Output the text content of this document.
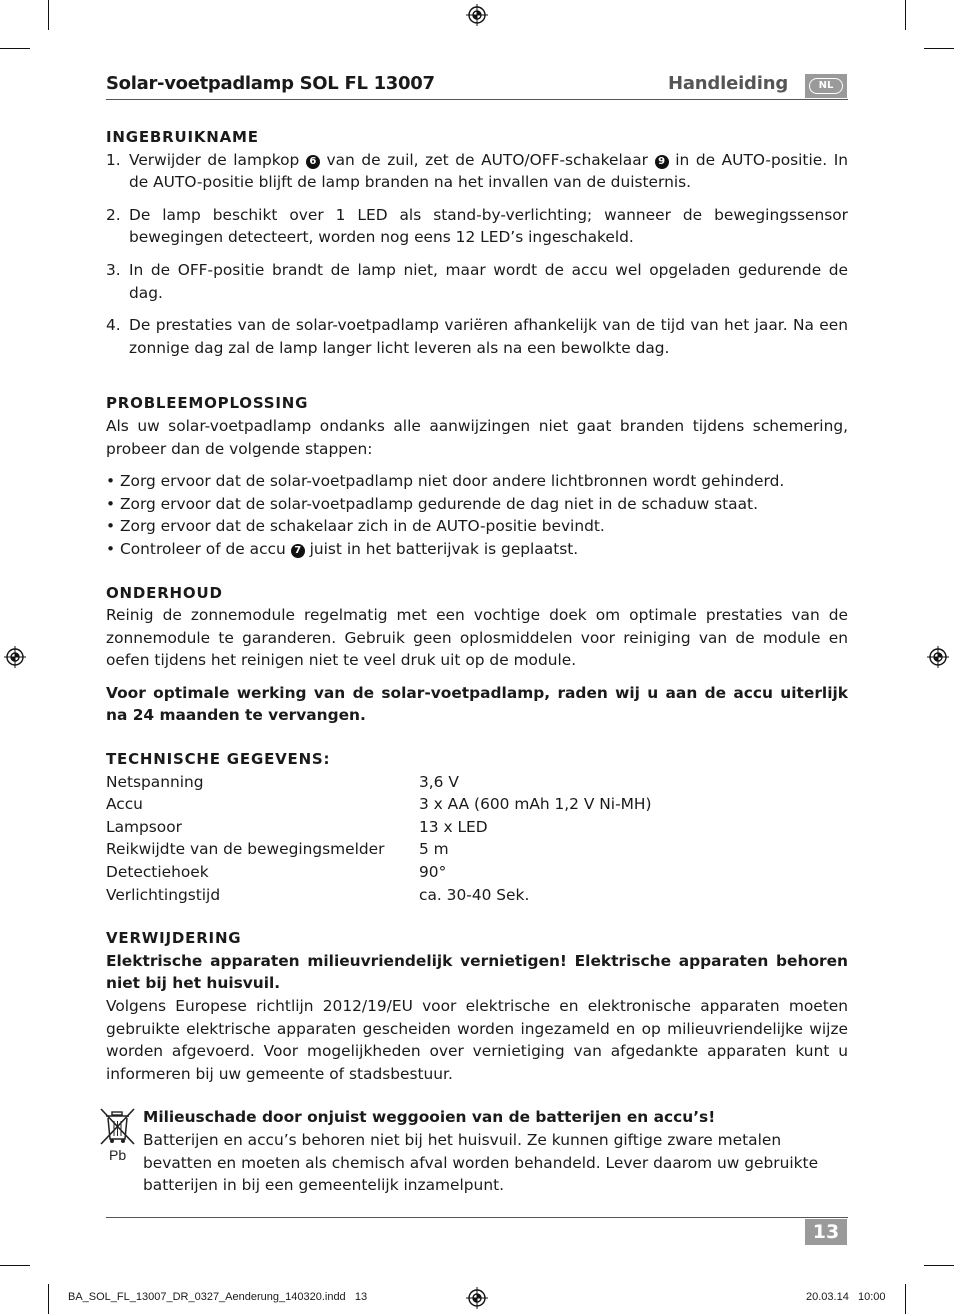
Solar-voetpadlamp SOL FL 13007	Handleiding	NL
INGEBRUIKNAME
1. Verwijder de lampkop 6 van de zuil, zet de AUTO/OFF-schakelaar 9 in de AUTO-positie. In de AUTO-positie blijft de lamp branden na het invallen van de duisternis.
2. De lamp beschikt over 1 LED als stand-by-verlichting; wanneer de bewegingssensor bewegingen detecteert, worden nog eens 12 LED’s ingeschakeld.
3. In de OFF-positie brandt de lamp niet, maar wordt de accu wel opgeladen gedurende de dag.
4. De prestaties van de solar-voetpadlamp variëren afhankelijk van de tijd van het jaar. Na een zonnige dag zal de lamp langer licht leveren als na een bewolkte dag.
PROBLEEMOPLOSSING

Als uw solar-voetpadlamp ondanks alle aanwijzingen niet gaat branden tijdens schemering, probeer dan de volgende stappen:

• Zorg ervoor dat de solar-voetpadlamp niet door andere lichtbronnen wordt gehinderd.
• Zorg ervoor dat de solar-voetpadlamp gedurende de dag niet in de schaduw staat.
• Zorg ervoor dat de schakelaar zich in de AUTO-positie bevindt.
• Controleer of de accu 7 juist in het batterijvak is geplaatst.
ONDERHOUD

Reinig de zonnemodule regelmatig met een vochtige doek om optimale prestaties van de zonnemodule te garanderen. Gebruik geen oplosmiddelen voor reiniging van de module en oefen tijdens het reinigen niet te veel druk uit op de module.

Voor optimale werking van de solar-voetpadlamp, raden wij u aan de accu uiterlijk na 24 maanden te vervangen.

TECHNISCHE GEGEVENS:
Netspanning	3,6 V
Accu	3 x AA (600 mAh 1,2 V Ni-MH)
Lampsoor	13 x LED
Reikwijdte van de bewegingsmelder	5 m
Detectiehoek	90°
Verlichtingstijd	ca. 30-40 Sek.
VERWIJDERING

Elektrische apparaten milieuvriendelijk vernietigen! Elektrische apparaten behoren niet bij het huisvuil.

Volgens Europese richtlijn 2012/19/EU voor elektrische en elektronische apparaten moeten gebruikte elektrische apparaten gescheiden worden ingezameld en op milieuvriendelijke wijze worden afgevoerd. Voor mogelijkheden over vernietiging van afgedankte apparaten kunt u informeren bij uw gemeente of stadsbestuur.

Pb

Milieuschade door onjuist weggooien van de batterijen en accu’s!

Batterijen en accu’s behoren niet bij het huisvuil. Ze kunnen giftige zware metalen bevatten en moeten als chemisch afval worden behandeld. Lever daarom uw gebruikte batterijen in bij een gemeentelijk inzamelpunt.

13
BA_SOL_FL_13007_DR_0327_Aenderung_140320.indd   13	20.03.14   10:00
